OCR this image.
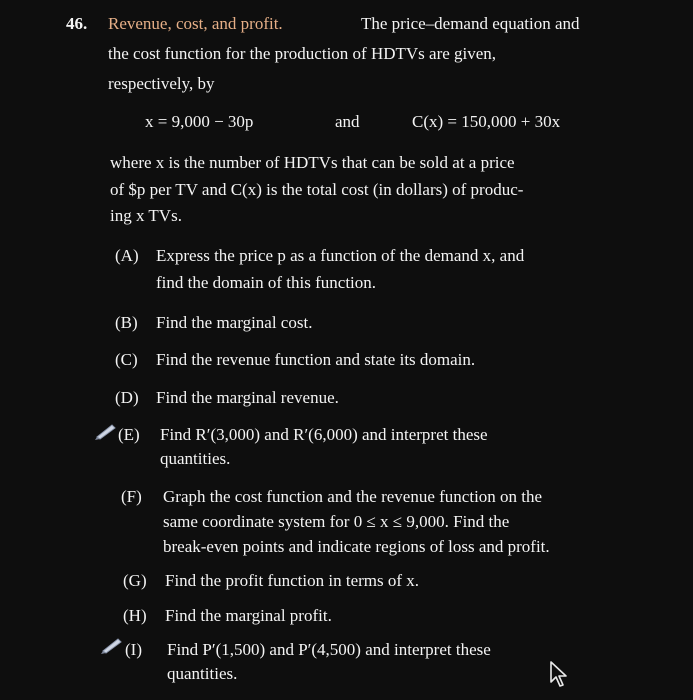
46. Revenue, cost, and profit.	The price–demand equation and
the cost function for the production of HDTVs are given,
respectively, by
x = 9,000 − 30p	and	C(x) = 150,000 + 30x
where x is the number of HDTVs that can be sold at a price
of $p per TV and C(x) is the total cost (in dollars) of produc-
ing x TVs.
(A) Express the price p as a function of the demand x, and
find the domain of this function.
(B) Find the marginal cost.
(C) Find the revenue function and state its domain.
(D) Find the marginal revenue.
(E) Find R′(3,000) and R′(6,000) and interpret these
quantities.
(F) Graph the cost function and the revenue function on the
same coordinate system for 0 ≤ x ≤ 9,000. Find the
break-even points and indicate regions of loss and profit.
(G) Find the profit function in terms of x.
(H) Find the marginal profit.
(I) Find P′(1,500) and P′(4,500) and interpret these
quantities.
